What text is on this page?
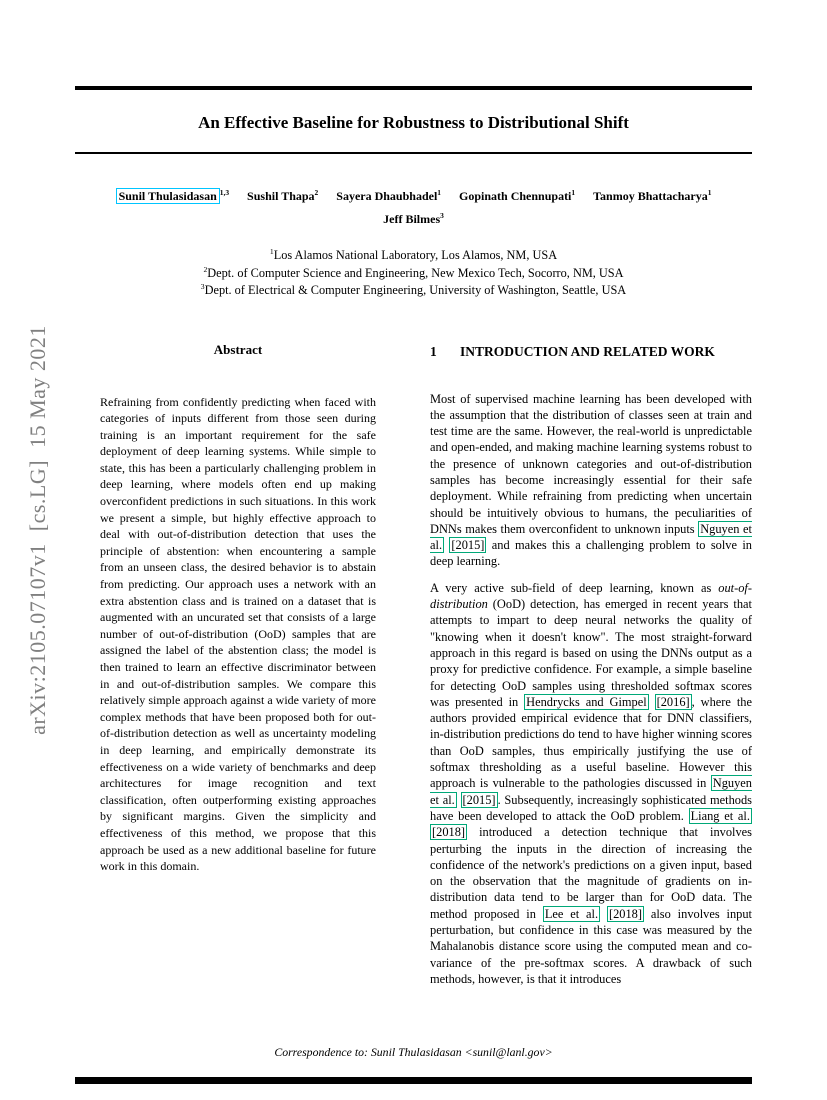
arXiv:2105.07107v1  [cs.LG]  15 May 2021
An Effective Baseline for Robustness to Distributional Shift
Sunil Thulasidasan $^{1,3}$ Sushil Thapa$^2$ Sayera Dhaubhadel$^1$ Gopinath Chennupati$^1$ Tanmoy Bhattacharya$^1$
Jeff Bilmes$^3$
$^1$Los Alamos National Laboratory, Los Alamos, NM, USA
$^2$Dept. of Computer Science and Engineering, New Mexico Tech, Socorro, NM, USA
$^3$Dept. of Electrical & Computer Engineering, University of Washington, Seattle, USA
Abstract

Refraining from confidently predicting when faced with categories of inputs different from those seen during training is an important requirement for the safe deployment of deep learning systems. While simple to state, this has been a particularly challenging problem in deep learning, where models often end up making overconfident predictions in such situations. In this work we present a simple, but highly effective approach to deal with out-of-distribution detection that uses the principle of abstention: when encountering a sample from an unseen class, the desired behavior is to abstain from predicting. Our approach uses a network with an extra abstention class and is trained on a dataset that is augmented with an uncurated set that consists of a large number of out-of-distribution (OoD) samples that are assigned the label of the abstention class; the model is then trained to learn an effective discriminator between in and out-of-distribution samples. We compare this relatively simple approach against a wide variety of more complex methods that have been proposed both for out-of-distribution detection as well as uncertainty modeling in deep learning, and empirically demonstrate its effectiveness on a wide variety of benchmarks and deep architectures for image recognition and text classification, often outperforming existing approaches by significant margins. Given the simplicity and effectiveness of this method, we propose that this approach be used as a new additional baseline for future work in this domain.

1	INTRODUCTION AND RELATED WORK

Most of supervised machine learning has been developed with the assumption that the distribution of classes seen at train and test time are the same. However, the real-world is unpredictable and open-ended, and making machine learning systems robust to the presence of unknown categories and out-of-distribution samples has become increasingly essential for their safe deployment. While refraining from predicting when uncertain should be intuitively obvious to humans, the peculiarities of DNNs makes them overconfident to unknown inputs Nguyen et al. [2015] and makes this a challenging problem to solve in deep learning.

A very active sub-field of deep learning, known as out-of-distribution (OoD) detection, has emerged in recent years that attempts to impart to deep neural networks the quality of "knowing when it doesn't know". The most straight-forward approach in this regard is based on using the DNNs output as a proxy for predictive confidence. For example, a simple baseline for detecting OoD samples using thresholded softmax scores was presented in Hendrycks and Gimpel [2016] , where the authors provided empirical evidence that for DNN classifiers, in-distribution predictions do tend to have higher winning scores than OoD samples, thus empirically justifying the use of softmax thresholding as a useful baseline. However this approach is vulnerable to the pathologies discussed in Nguyen et al. [2015] . Subsequently, increasingly sophisticated methods have been developed to attack the OoD problem. Liang et al. [2018] introduced a detection technique that involves perturbing the inputs in the direction of increasing the confidence of the network's predictions on a given input, based on the observation that the magnitude of gradients on in-distribution data tend to be larger than for OoD data. The method proposed in Lee et al. [2018] also involves input perturbation, but confidence in this case was measured by the Mahalanobis distance score using the computed mean and co-variance of the pre-softmax scores. A drawback of such methods, however, is that it introduces

Correspondence to: Sunil Thulasidasan <sunil@lanl.gov>
